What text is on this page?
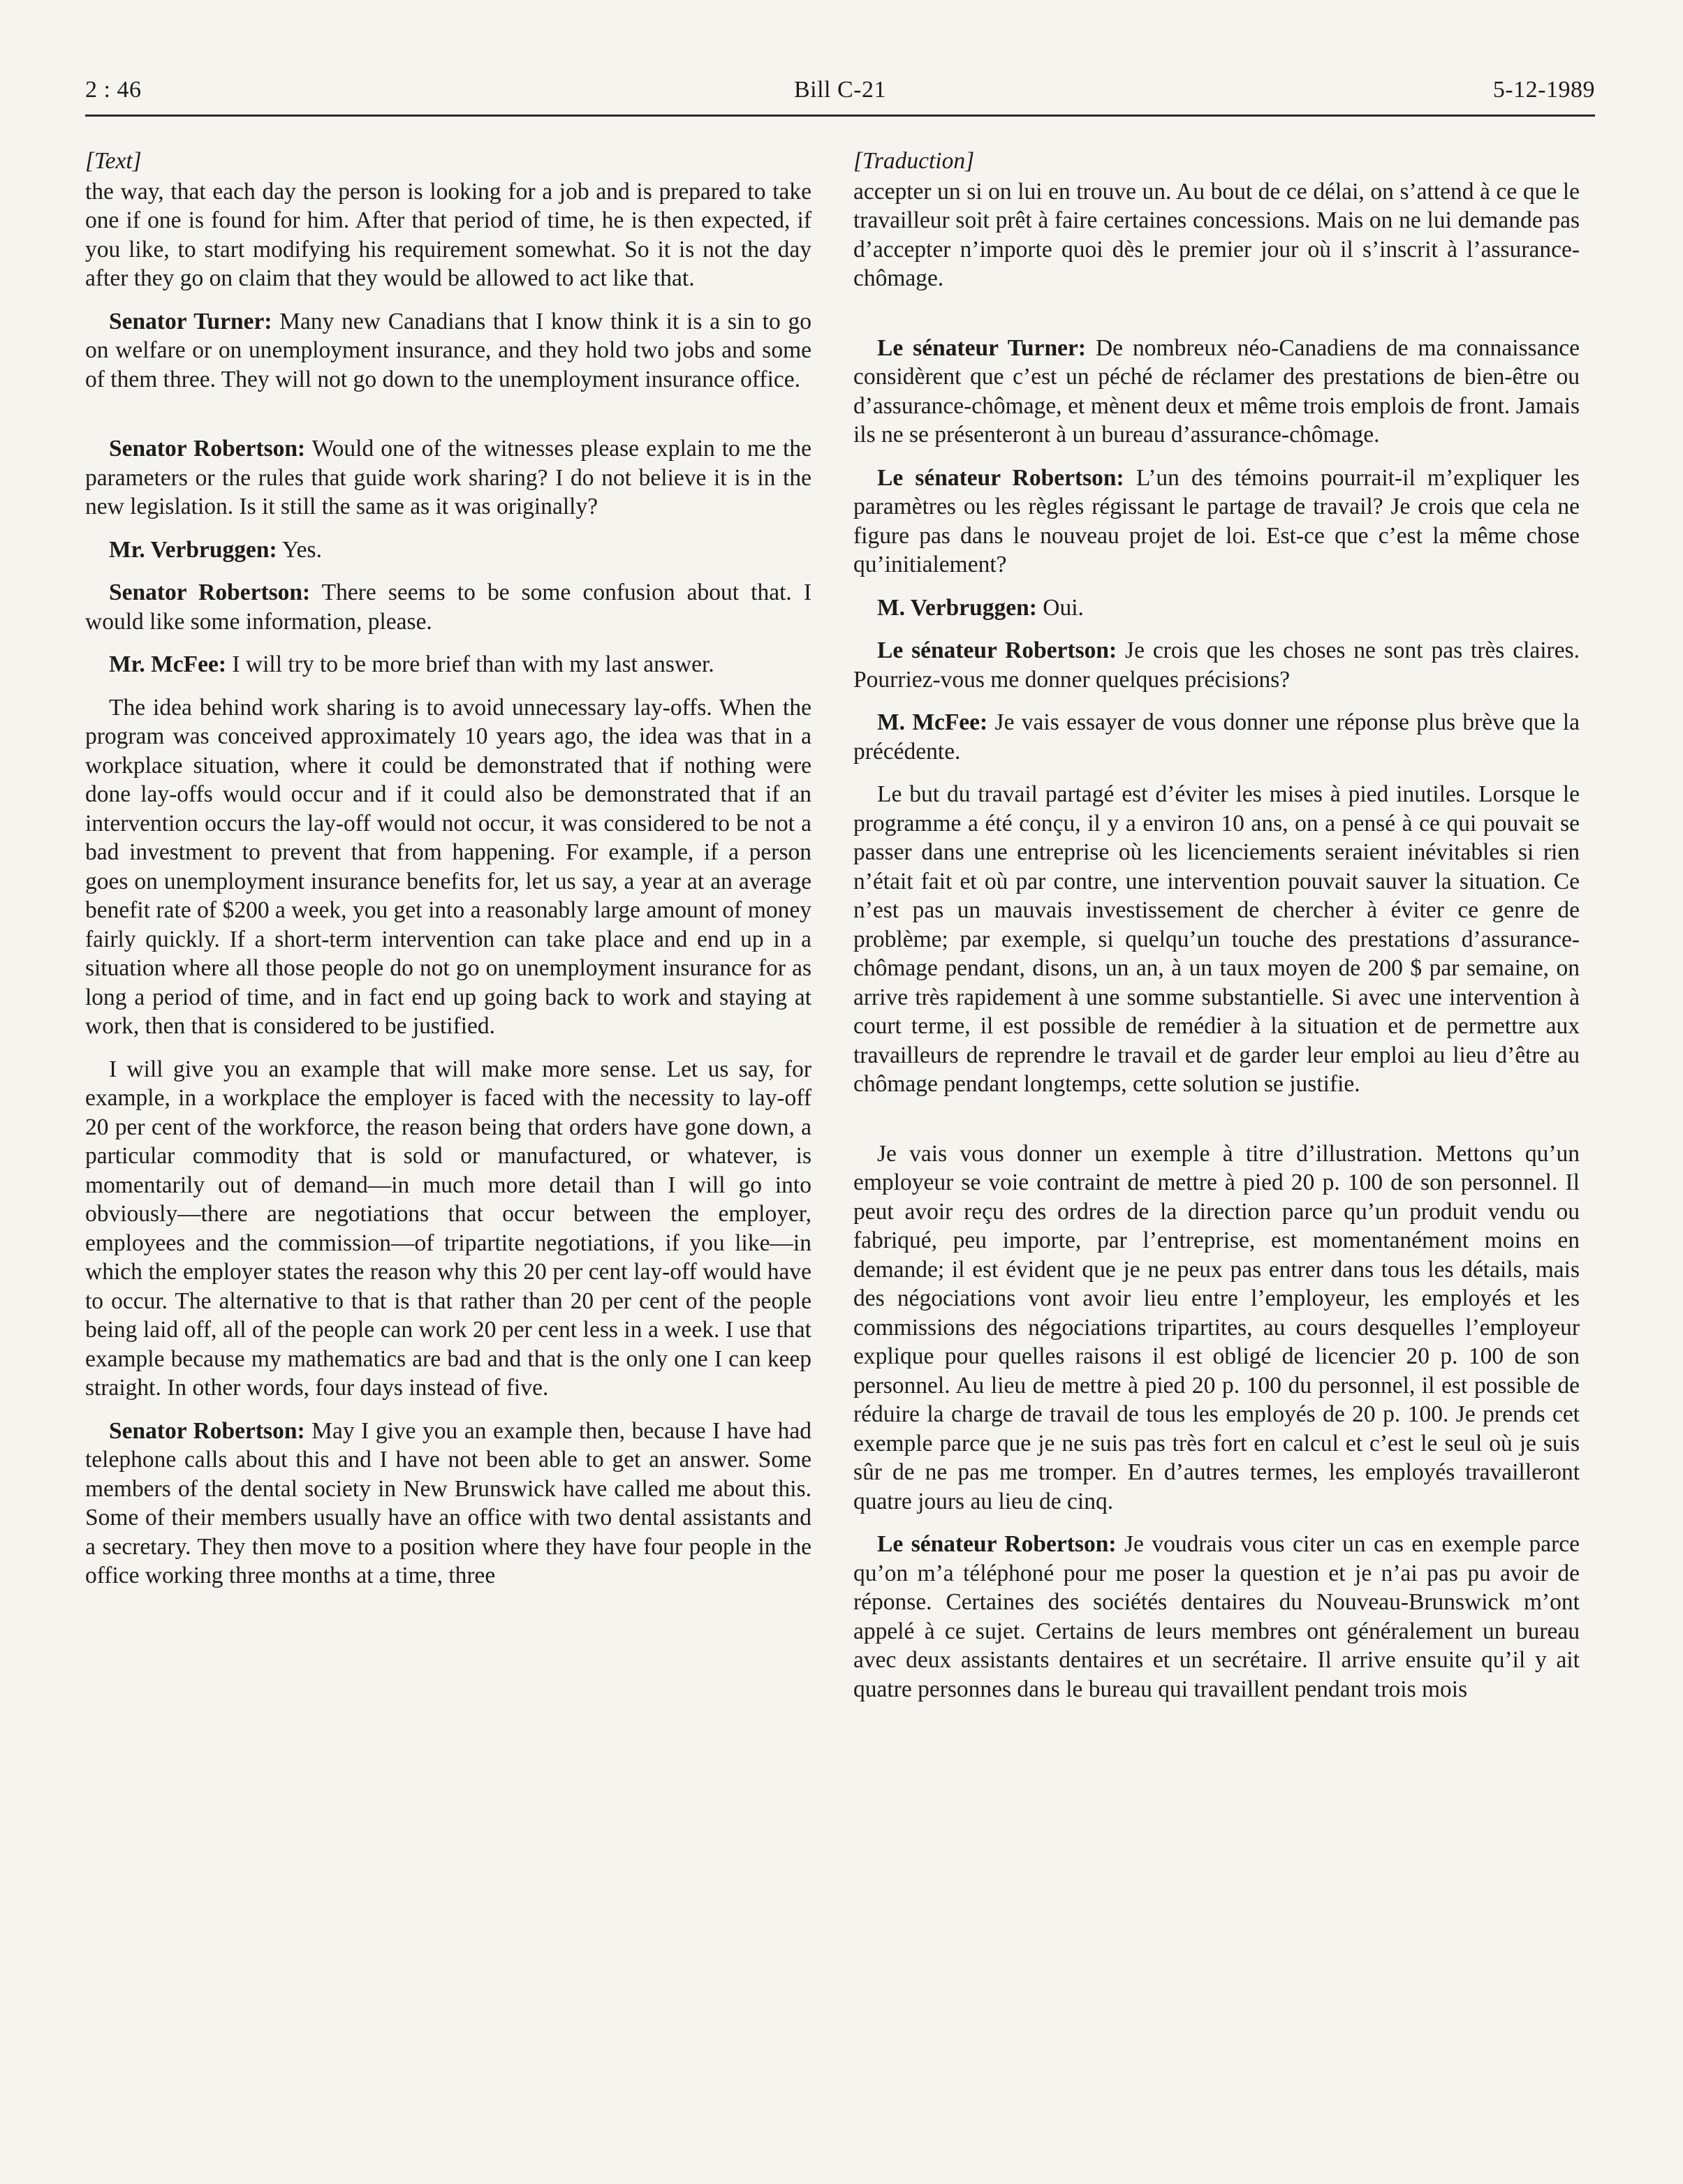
2 : 46	Bill C-21	5-12-1989
[Text]

the way, that each day the person is looking for a job and is prepared to take one if one is found for him. After that period of time, he is then expected, if you like, to start modifying his requirement somewhat. So it is not the day after they go on claim that they would be allowed to act like that.

Senator Turner: Many new Canadians that I know think it is a sin to go on welfare or on unemployment insurance, and they hold two jobs and some of them three. They will not go down to the unemployment insurance office.

Senator Robertson: Would one of the witnesses please explain to me the parameters or the rules that guide work sharing? I do not believe it is in the new legislation. Is it still the same as it was originally?

Mr. Verbruggen: Yes.

Senator Robertson: There seems to be some confusion about that. I would like some information, please.

Mr. McFee: I will try to be more brief than with my last answer.

The idea behind work sharing is to avoid unnecessary lay-offs. When the program was conceived approximately 10 years ago, the idea was that in a workplace situation, where it could be demonstrated that if nothing were done lay-offs would occur and if it could also be demonstrated that if an intervention occurs the lay-off would not occur, it was considered to be not a bad investment to prevent that from happening. For example, if a person goes on unemployment insurance benefits for, let us say, a year at an average benefit rate of $200 a week, you get into a reasonably large amount of money fairly quickly. If a short-term intervention can take place and end up in a situation where all those people do not go on unemployment insurance for as long a period of time, and in fact end up going back to work and staying at work, then that is considered to be justified.

I will give you an example that will make more sense. Let us say, for example, in a workplace the employer is faced with the necessity to lay-off 20 per cent of the workforce, the reason being that orders have gone down, a particular commodity that is sold or manufactured, or whatever, is momentarily out of demand—in much more detail than I will go into obviously—there are negotiations that occur between the employer, employees and the commission—of tripartite negotiations, if you like—in which the employer states the reason why this 20 per cent lay-off would have to occur. The alternative to that is that rather than 20 per cent of the people being laid off, all of the people can work 20 per cent less in a week. I use that example because my mathematics are bad and that is the only one I can keep straight. In other words, four days instead of five.

Senator Robertson: May I give you an example then, because I have had telephone calls about this and I have not been able to get an answer. Some members of the dental society in New Brunswick have called me about this. Some of their members usually have an office with two dental assistants and a secretary. They then move to a position where they have four people in the office working three months at a time, three

[Traduction]

accepter un si on lui en trouve un. Au bout de ce délai, on s’attend à ce que le travailleur soit prêt à faire certaines concessions. Mais on ne lui demande pas d’accepter n’importe quoi dès le premier jour où il s’inscrit à l’assurance-chômage.

Le sénateur Turner: De nombreux néo-Canadiens de ma connaissance considèrent que c’est un péché de réclamer des prestations de bien-être ou d’assurance-chômage, et mènent deux et même trois emplois de front. Jamais ils ne se présenteront à un bureau d’assurance-chômage.

Le sénateur Robertson: L’un des témoins pourrait-il m’expliquer les paramètres ou les règles régissant le partage de travail? Je crois que cela ne figure pas dans le nouveau projet de loi. Est-ce que c’est la même chose qu’initialement?

M. Verbruggen: Oui.

Le sénateur Robertson: Je crois que les choses ne sont pas très claires. Pourriez-vous me donner quelques précisions?

M. McFee: Je vais essayer de vous donner une réponse plus brève que la précédente.

Le but du travail partagé est d’éviter les mises à pied inutiles. Lorsque le programme a été conçu, il y a environ 10 ans, on a pensé à ce qui pouvait se passer dans une entreprise où les licenciements seraient inévitables si rien n’était fait et où par contre, une intervention pouvait sauver la situation. Ce n’est pas un mauvais investissement de chercher à éviter ce genre de problème; par exemple, si quelqu’un touche des prestations d’assurance-chômage pendant, disons, un an, à un taux moyen de 200 $ par semaine, on arrive très rapidement à une somme substantielle. Si avec une intervention à court terme, il est possible de remédier à la situation et de permettre aux travailleurs de reprendre le travail et de garder leur emploi au lieu d’être au chômage pendant longtemps, cette solution se justifie.

Je vais vous donner un exemple à titre d’illustration. Mettons qu’un employeur se voie contraint de mettre à pied 20 p. 100 de son personnel. Il peut avoir reçu des ordres de la direction parce qu’un produit vendu ou fabriqué, peu importe, par l’entreprise, est momentanément moins en demande; il est évident que je ne peux pas entrer dans tous les détails, mais des négociations vont avoir lieu entre l’employeur, les employés et les commissions des négociations tripartites, au cours desquelles l’employeur explique pour quelles raisons il est obligé de licencier 20 p. 100 de son personnel. Au lieu de mettre à pied 20 p. 100 du personnel, il est possible de réduire la charge de travail de tous les employés de 20 p. 100. Je prends cet exemple parce que je ne suis pas très fort en calcul et c’est le seul où je suis sûr de ne pas me tromper. En d’autres termes, les employés travailleront quatre jours au lieu de cinq.

Le sénateur Robertson: Je voudrais vous citer un cas en exemple parce qu’on m’a téléphoné pour me poser la question et je n’ai pas pu avoir de réponse. Certaines des sociétés dentaires du Nouveau-Brunswick m’ont appelé à ce sujet. Certains de leurs membres ont généralement un bureau avec deux assistants dentaires et un secrétaire. Il arrive ensuite qu’il y ait quatre personnes dans le bureau qui travaillent pendant trois mois
